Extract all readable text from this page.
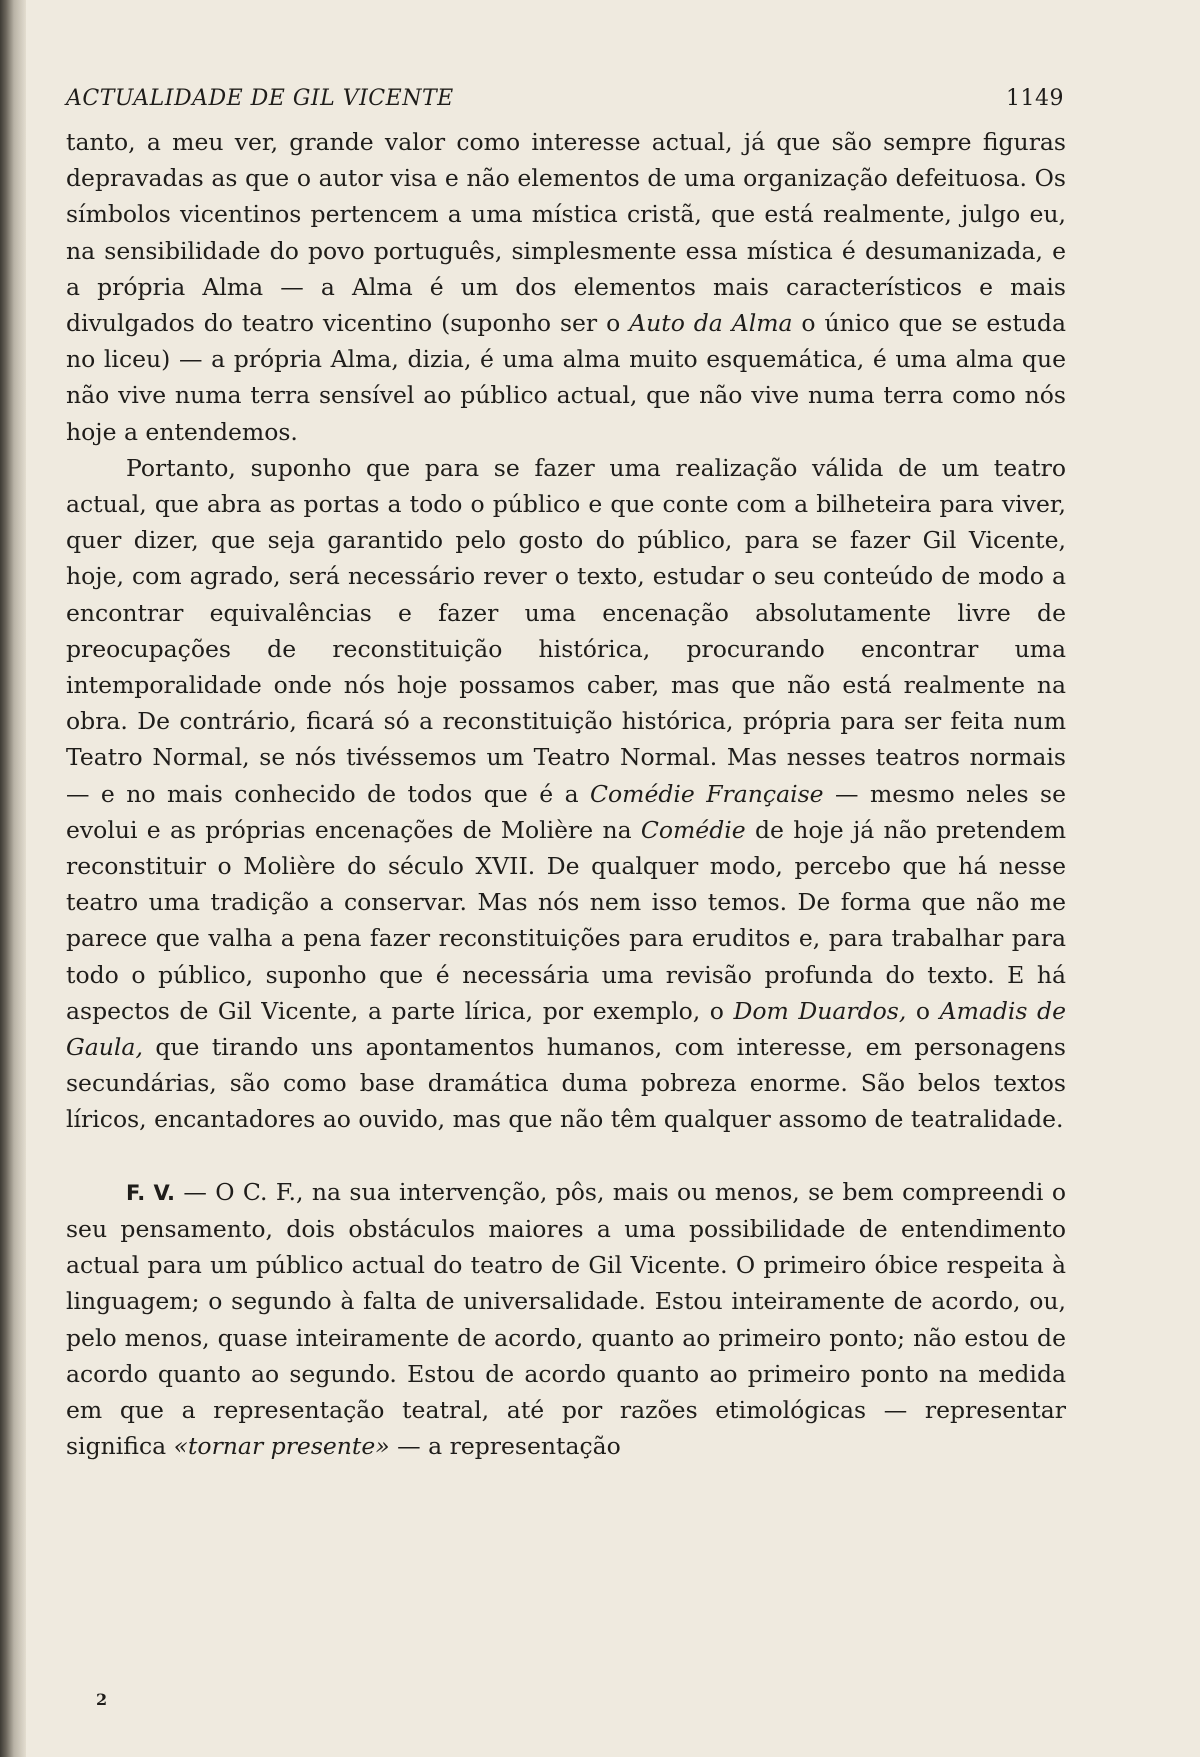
ACTUALIDADE DE GIL VICENTE	1149

tanto, a meu ver, grande valor como interesse actual, já que são sempre figuras depravadas as que o autor visa e não elementos de uma organização defeituosa. Os símbolos vicentinos pertencem a uma mística cristã, que está realmente, julgo eu, na sensibilidade do povo português, simplesmente essa mística é desumanizada, e a própria Alma — a Alma é um dos elementos mais característicos e mais divulgados do teatro vicentino (suponho ser o Auto da Alma o único que se estuda no liceu) — a própria Alma, dizia, é uma alma muito esquemática, é uma alma que não vive numa terra sensível ao público actual, que não vive numa terra como nós hoje a entendemos.

Portanto, suponho que para se fazer uma realização válida de um teatro actual, que abra as portas a todo o público e que conte com a bilheteira para viver, quer dizer, que seja garantido pelo gosto do público, para se fazer Gil Vicente, hoje, com agrado, será necessário rever o texto, estudar o seu conteúdo de modo a encontrar equivalências e fazer uma encenação absolutamente livre de preocupações de reconstituição histórica, procurando encontrar uma intemporalidade onde nós hoje possamos caber, mas que não está realmente na obra. De contrário, ficará só a reconstituição histórica, própria para ser feita num Teatro Normal, se nós tivéssemos um Teatro Normal. Mas nesses teatros normais — e no mais conhecido de todos que é a Comédie Française — mesmo neles se evolui e as próprias encenações de Molière na Comédie de hoje já não pretendem reconstituir o Molière do século XVII. De qualquer modo, percebo que há nesse teatro uma tradição a conservar. Mas nós nem isso temos. De forma que não me parece que valha a pena fazer reconstituições para eruditos e, para trabalhar para todo o público, suponho que é necessária uma revisão profunda do texto. E há aspectos de Gil Vicente, a parte lírica, por exemplo, o Dom Duardos, o Amadis de Gaula, que tirando uns apontamentos humanos, com interesse, em personagens secundárias, são como base dramática duma pobreza enorme. São belos textos líricos, encantadores ao ouvido, mas que não têm qualquer assomo de teatralidade.

F. V. — O C. F., na sua intervenção, pôs, mais ou menos, se bem compreendi o seu pensamento, dois obstáculos maiores a uma possibilidade de entendimento actual para um público actual do teatro de Gil Vicente. O primeiro óbice respeita à linguagem; o segundo à falta de universalidade. Estou inteiramente de acordo, ou, pelo menos, quase inteiramente de acordo, quanto ao primeiro ponto; não estou de acordo quanto ao segundo. Estou de acordo quanto ao primeiro ponto na medida em que a representação teatral, até por razões etimológicas — representar significa «tornar presente» — a representação

2
